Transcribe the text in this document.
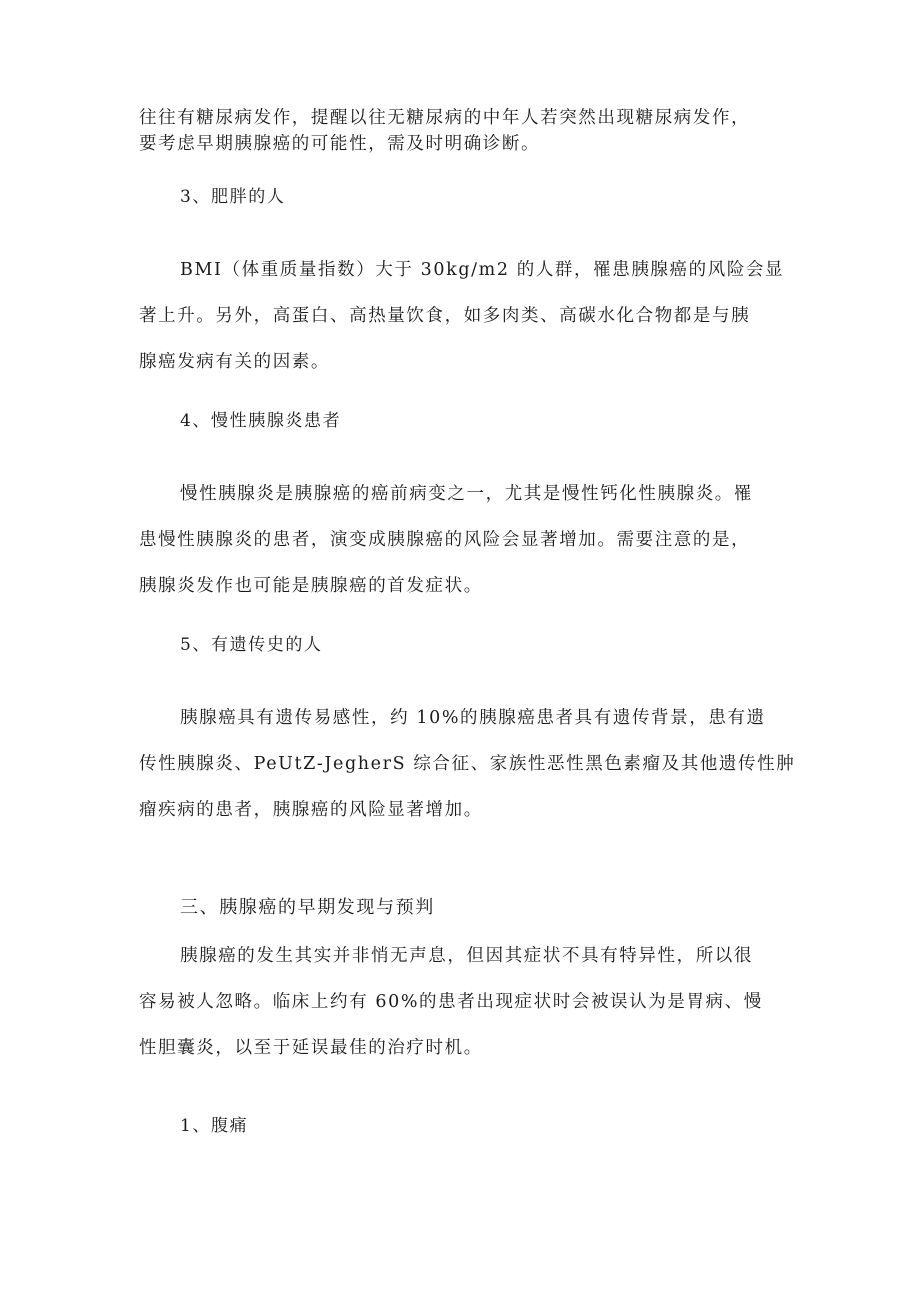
往往有糖尿病发作，提醒以往无糖尿病的中年人若突然出现糖尿病发作，
要考虑早期胰腺癌的可能性，需及时明确诊断。
3、肥胖的人
BMI（体重质量指数）大于 30kg∕m2 的人群，罹患胰腺癌的风险会显
著上升。另外，高蛋白、高热量饮食，如多肉类、高碳水化合物都是与胰
腺癌发病有关的因素。
4、慢性胰腺炎患者
慢性胰腺炎是胰腺癌的癌前病变之一，尤其是慢性钙化性胰腺炎。罹
患慢性胰腺炎的患者，演变成胰腺癌的风险会显著增加。需要注意的是，
胰腺炎发作也可能是胰腺癌的首发症状。
5、有遗传史的人
胰腺癌具有遗传易感性，约 10%的胰腺癌患者具有遗传背景，患有遗
传性胰腺炎、PeUtZ-JegherS 综合征、家族性恶性黑色素瘤及其他遗传性肿
瘤疾病的患者，胰腺癌的风险显著增加。
三、胰腺癌的早期发现与预判
胰腺癌的发生其实并非悄无声息，但因其症状不具有特异性，所以很
容易被人忽略。临床上约有 60%的患者出现症状时会被误认为是胃病、慢
性胆囊炎，以至于延误最佳的治疗时机。
1、腹痛
